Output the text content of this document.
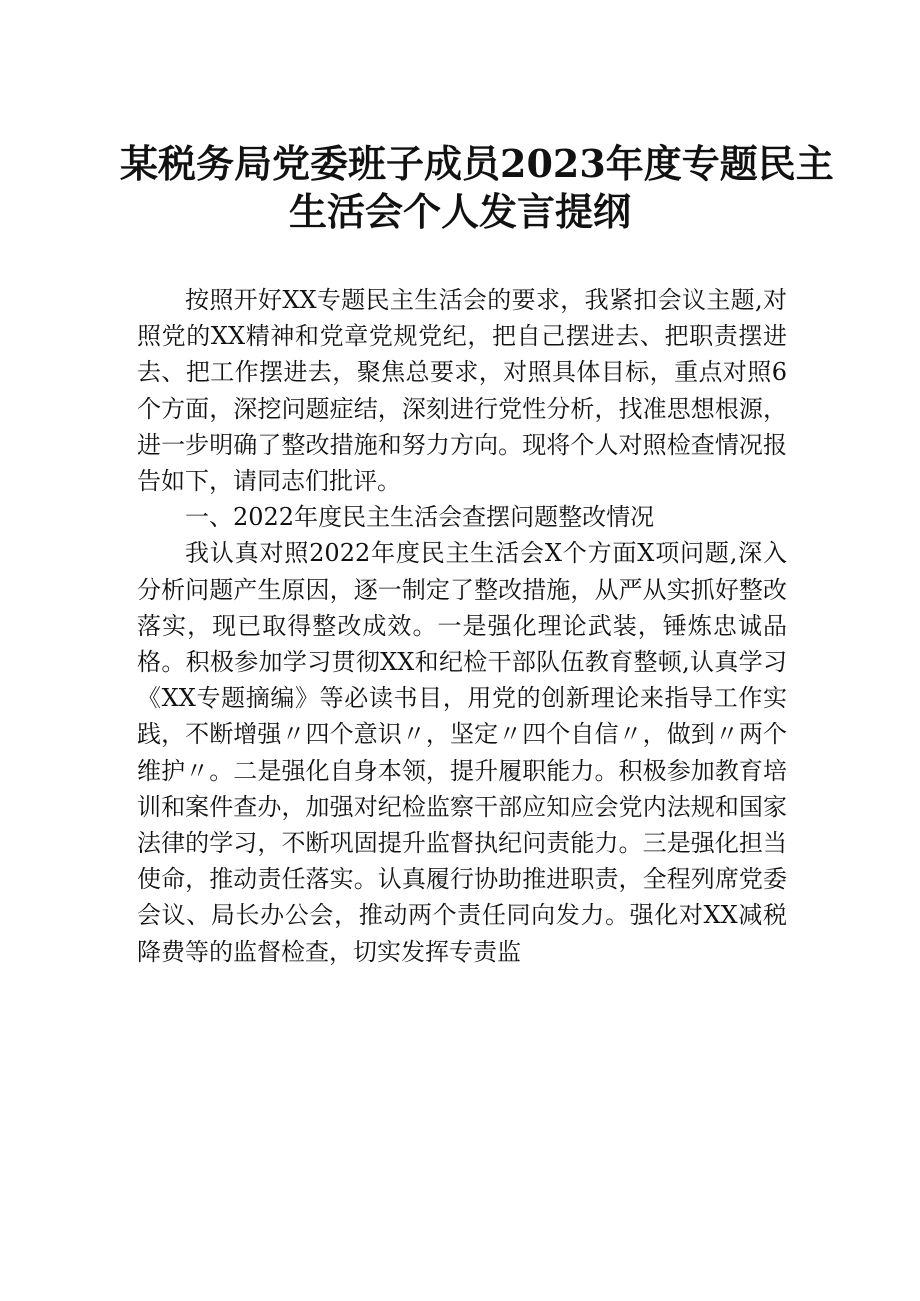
某税务局党委班子成员2023年度专题民主
生活会个人发言提纲

按照开好XX专题民主生活会的要求，我紧扣会议主题,对照党的XX精神和党章党规党纪，把自己摆进去、把职责摆进去、把工作摆进去，聚焦总要求，对照具体目标，重点对照6个方面，深挖问题症结，深刻进行党性分析，找准思想根源，进一步明确了整改措施和努力方向。现将个人对照检查情况报告如下，请同志们批评。

一、2022年度民主生活会查摆问题整改情况

我认真对照2022年度民主生活会X个方面X项问题,深入分析问题产生原因，逐一制定了整改措施，从严从实抓好整改落实，现已取得整改成效。一是强化理论武装，锤炼忠诚品格。积极参加学习贯彻XX和纪检干部队伍教育整顿,认真学习《XX专题摘编》等必读书目，用党的创新理论来指导工作实践，不断增强〃四个意识〃，坚定〃四个自信〃，做到〃两个维护〃。二是强化自身本领，提升履职能力。积极参加教育培训和案件查办，加强对纪检监察干部应知应会党内法规和国家法律的学习，不断巩固提升监督执纪问责能力。三是强化担当使命，推动责任落实。认真履行协助推进职责，全程列席党委会议、局长办公会，推动两个责任同向发力。强化对XX减税降费等的监督检查，切实发挥专责监
